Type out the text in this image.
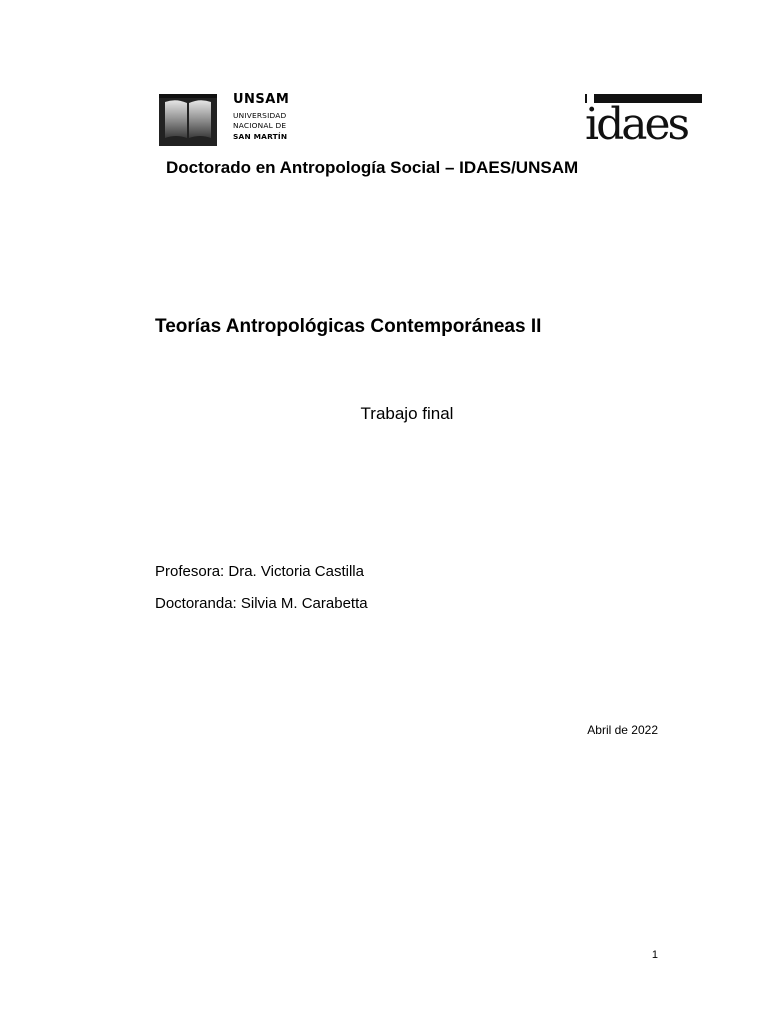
UNSAM
UNIVERSIDAD
NACIONAL DE
SAN MARTÍN	idaes
Doctorado en Antropología Social – IDAES/UNSAM
Teorías Antropológicas Contemporáneas II
Trabajo final
Profesora: Dra. Victoria Castilla
Doctoranda: Silvia M. Carabetta
Abril de 2022
1
